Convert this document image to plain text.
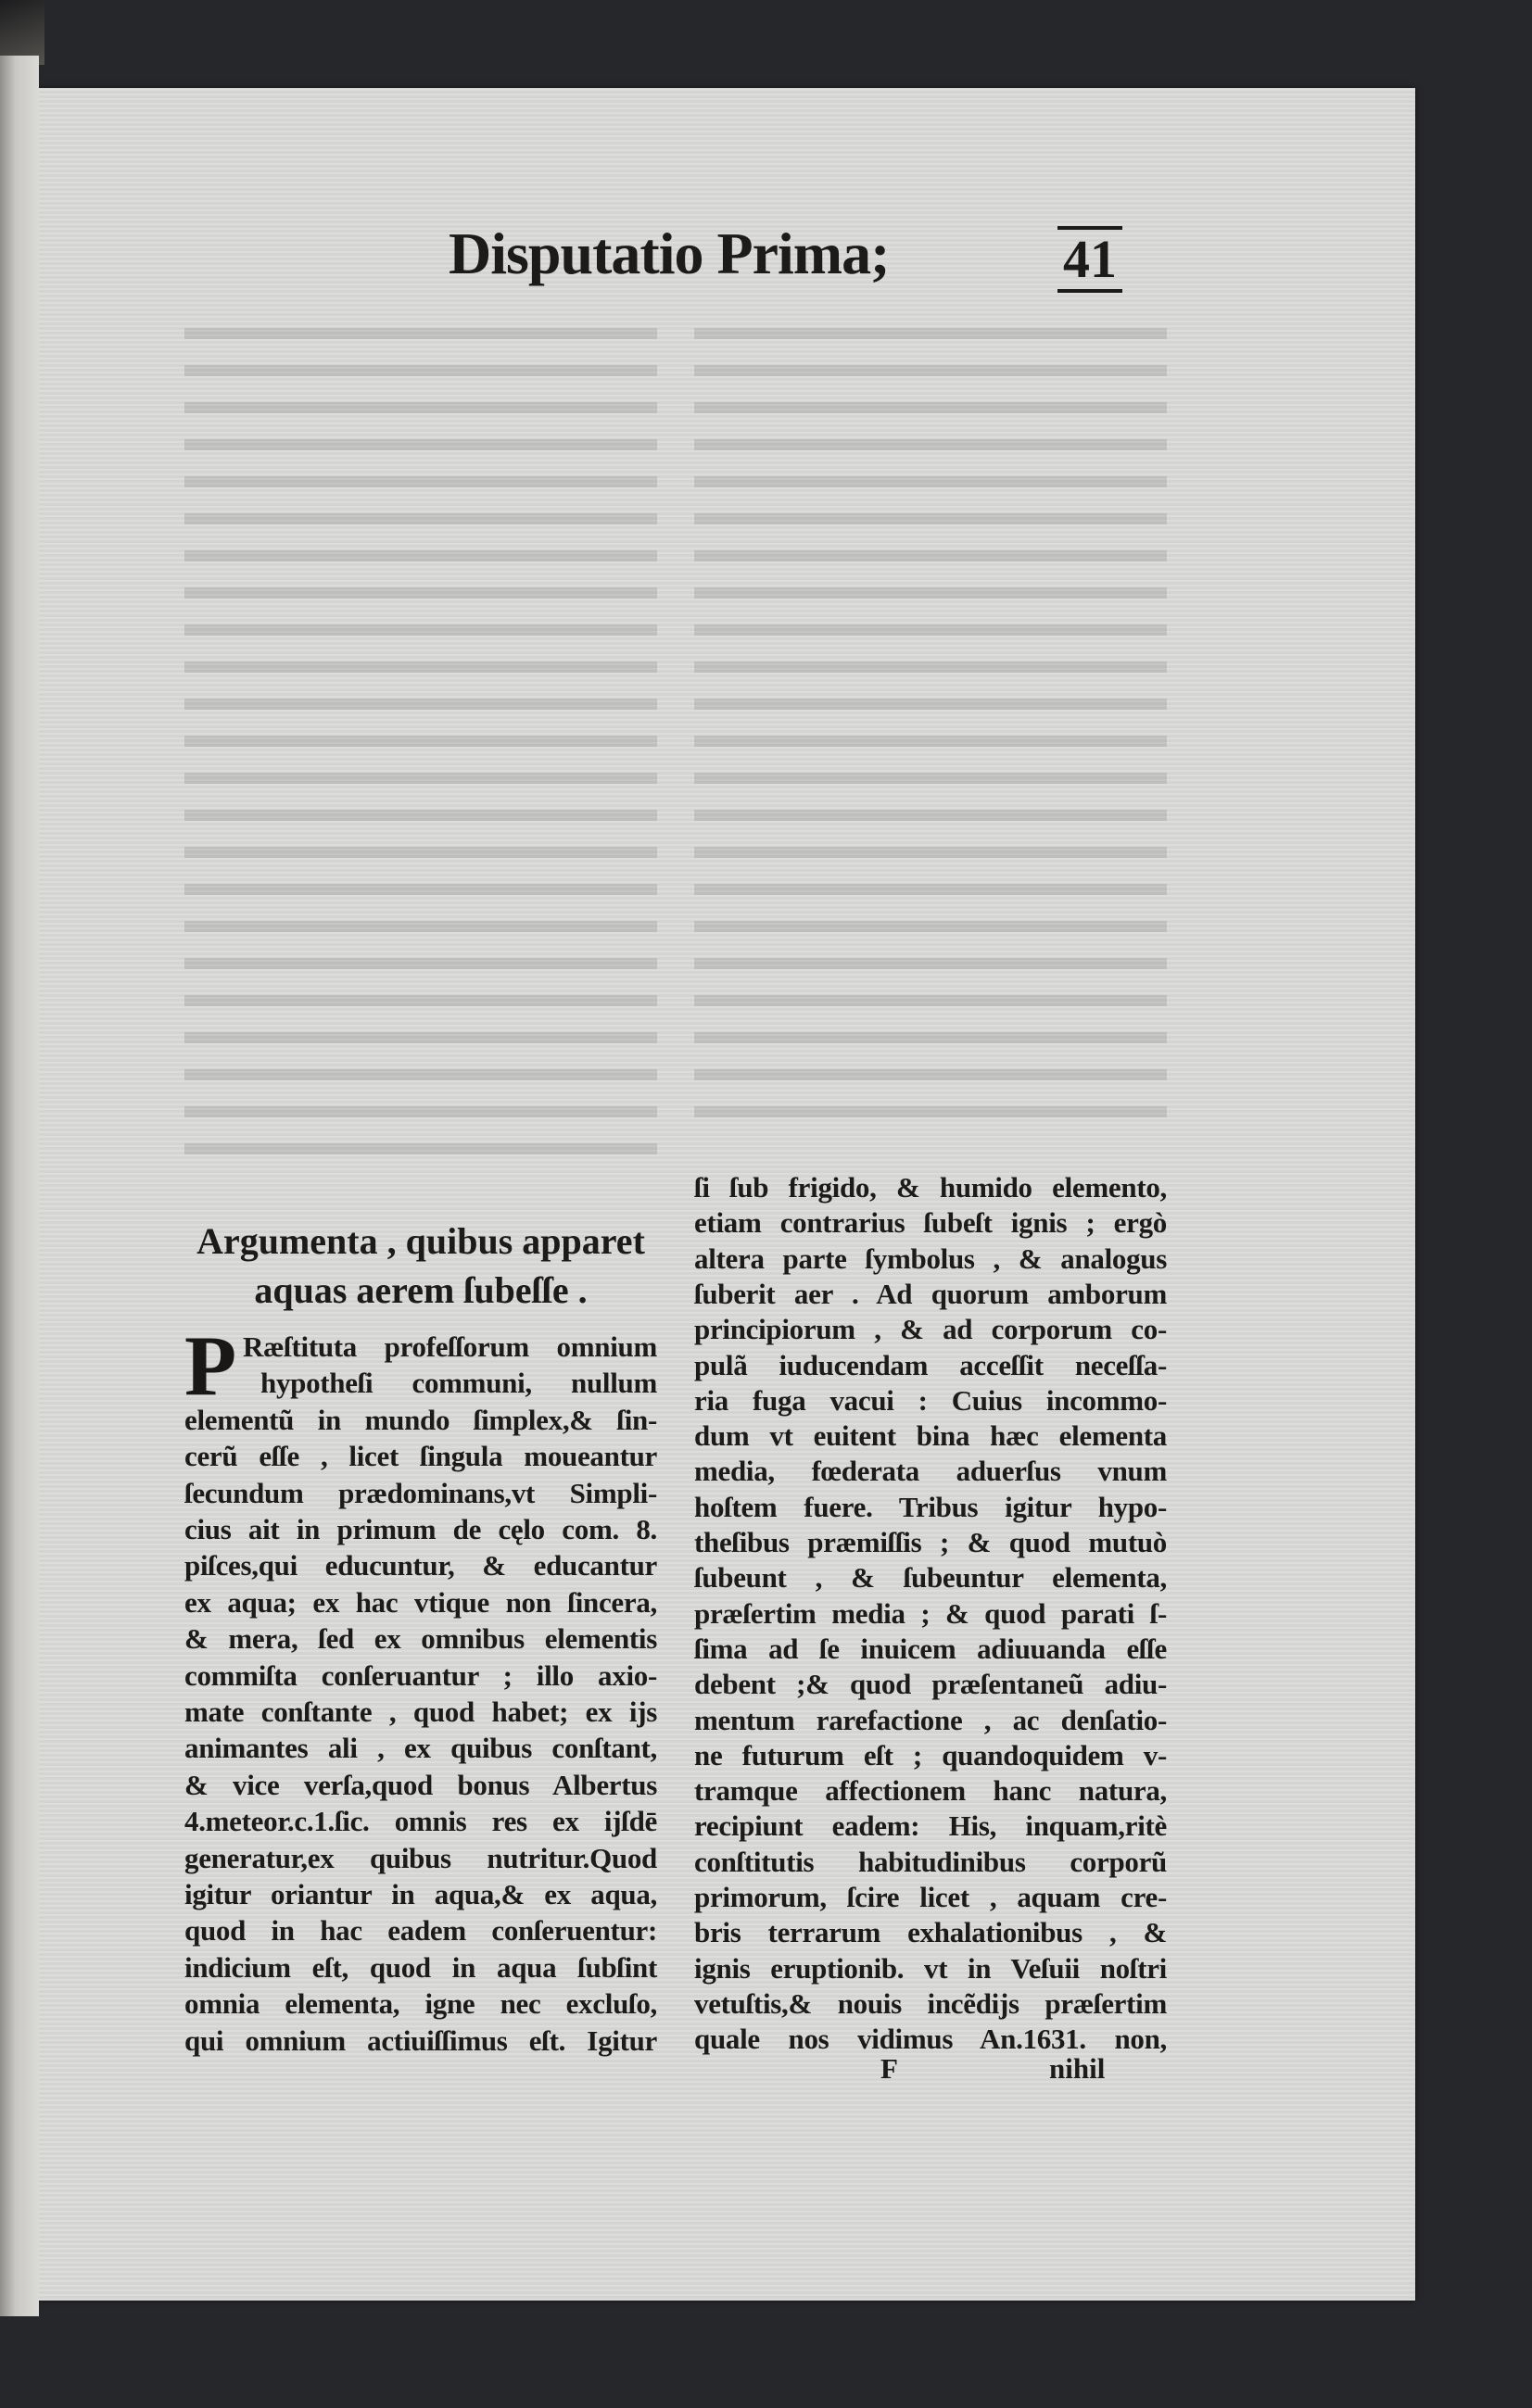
Disputatio Prima;	41
Argumenta , quibus apparet
aquas aerem ſubeſſe .
P Ræſtituta profeſſorum omnium
hypotheſi communi, nullum
elementũ in mundo ſimplex,& ſin-
cerũ eſſe , licet ſingula moueantur
ſecundum prædominans,vt Simpli-
cius ait in primum de cęlo com. 8.
piſces,qui educuntur, & educantur
ex aqua; ex hac vtique non ſincera,
& mera, ſed ex omnibus elementis
commiſta conſeruantur ; illo axio-
mate conſtante , quod habet; ex ijs
animantes ali , ex quibus conſtant,
& vice verſa,quod bonus Albertus
4.meteor.c.1.ſic. omnis res ex ijſdē
generatur,ex quibus nutritur.Quod
igitur oriantur in aqua,& ex aqua,
quod in hac eadem conſeruentur:
indicium eſt, quod in aqua ſubſint
omnia elementa, igne nec excluſo,
qui omnium actiuiſſimus eſt. Igitur
ſi ſub frigido, & humido elemento,
etiam contrarius ſubeſt ignis ; ergò
altera parte ſymbolus , & analogus
ſuberit aer . Ad quorum amborum
principiorum , & ad corporum co-
pulã iuducendam acceſſit neceſſa-
ria fuga vacui : Cuius incommo-
dum vt euitent bina hæc elementa
media, fœderata aduerſus vnum
hoſtem fuere. Tribus igitur hypo-
theſibus præmiſſis ; & quod mutuò
ſubeunt , & ſubeuntur elementa,
præſertim media ; & quod parati ſ-
ſima ad ſe inuicem adiuuanda eſſe
debent ;& quod præſentaneũ adiu-
mentum rarefactione , ac denſatio-
ne futurum eſt ; quandoquidem v-
tramque affectionem hanc natura,
recipiunt eadem: His, inquam,ritè
conſtitutis habitudinibus corporũ
primorum, ſcire licet , aquam cre-
bris terrarum exhalationibus , &
ignis eruptionib. vt in Veſuii noſtri
vetuſtis,& nouis incẽdijs præſertim
quale nos vidimus An.1631. non,
F	nihil
